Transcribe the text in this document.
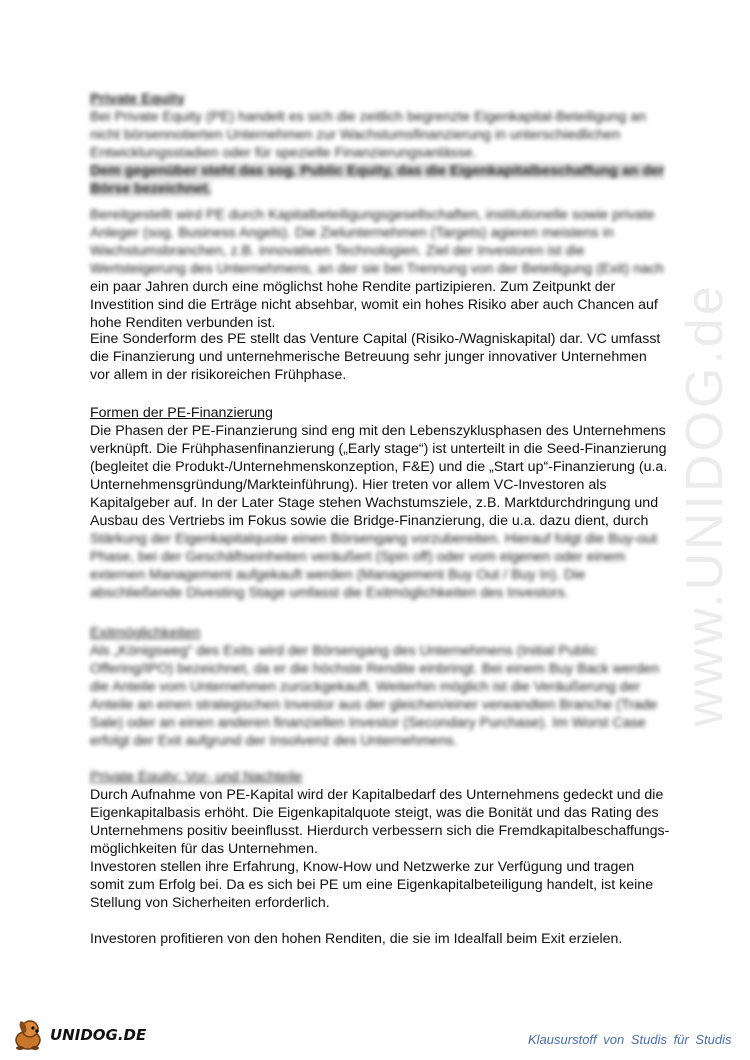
www.UNIDOG.de

Private Equity

Bei Private Equity (PE) handelt es sich die zeitlich begrenzte Eigenkapital-Beteiligung an nicht börsennotierten Unternehmen zur Wachstumsfinanzierung in unterschiedlichen Entwicklungsstadien oder für spezielle Finanzierungsanlässe.

Dem gegenüber steht das sog. Public Equity, das die Eigenkapitalbeschaffung an der Börse bezeichnet.

Bereitgestellt wird PE durch Kapitalbeteiligungsgesellschaften, institutionelle sowie private Anleger (sog. Business Angels). Die Zielunternehmen (Targets) agieren meistens in Wachstumsbranchen, z.B. innovativen Technologien. Ziel der Investoren ist die Wertsteigerung des Unternehmens, an der sie bei Trennung von der Beteiligung (Exit) nach

ein paar Jahren durch eine möglichst hohe Rendite partizipieren. Zum Zeitpunkt der Investition sind die Erträge nicht absehbar, womit ein hohes Risiko aber auch Chancen auf hohe Renditen verbunden ist.

Eine Sonderform des PE stellt das Venture Capital (Risiko-/Wagniskapital) dar. VC umfasst die Finanzierung und unternehmerische Betreuung sehr junger innovativer Unternehmen vor allem in der risikoreichen Frühphase.

Formen der PE-Finanzierung

Die Phasen der PE-Finanzierung sind eng mit den Lebenszyklusphasen des Unternehmens verknüpft. Die Frühphasenfinanzierung („Early stage“) ist unterteilt in die Seed-Finanzierung (begleitet die Produkt-/Unternehmenskonzeption, F&E) und die „Start up“-Finanzierung (u.a. Unternehmensgründung/Markteinführung). Hier treten vor allem VC-Investoren als Kapitalgeber auf. In der Later Stage stehen Wachstumsziele, z.B. Marktdurchdringung und Ausbau des Vertriebs im Fokus sowie die Bridge-Finanzierung, die u.a. dazu dient, durch

Stärkung der Eigenkapitalquote einen Börsengang vorzubereiten. Hierauf folgt die Buy-out Phase, bei der Geschäftseinheiten veräußert (Spin off) oder vom eigenen oder einem externen Management aufgekauft werden (Management Buy Out / Buy In). Die abschließende Divesting Stage umfasst die Exitmöglichkeiten des Investors.

Exitmöglichkeiten

Als „Königsweg“ des Exits wird der Börsengang des Unternehmens (Initial Public Offering/IPO) bezeichnet, da er die höchste Rendite einbringt. Bei einem Buy Back werden die Anteile vom Unternehmen zurückgekauft. Weiterhin möglich ist die Veräußerung der Anteile an einen strategischen Investor aus der gleichen/einer verwandten Branche (Trade Sale) oder an einen anderen finanziellen Investor (Secondary Purchase). Im Worst Case erfolgt der Exit aufgrund der Insolvenz des Unternehmens.

Private Equity: Vor- und Nachteile

Durch Aufnahme von PE-Kapital wird der Kapitalbedarf des Unternehmens gedeckt und die Eigenkapitalbasis erhöht. Die Eigenkapitalquote steigt, was die Bonität und das Rating des Unternehmens positiv beeinflusst. Hierdurch verbessern sich die Fremdkapitalbeschaffungs-möglichkeiten für das Unternehmen.

Investoren stellen ihre Erfahrung, Know-How und Netzwerke zur Verfügung und tragen somit zum Erfolg bei. Da es sich bei PE um eine Eigenkapitalbeteiligung handelt, ist keine Stellung von Sicherheiten erforderlich.

Investoren profitieren von den hohen Renditen, die sie im Idealfall beim Exit erzielen.

UNIDOG.DE	Klausurstoff von Studis für Studis
